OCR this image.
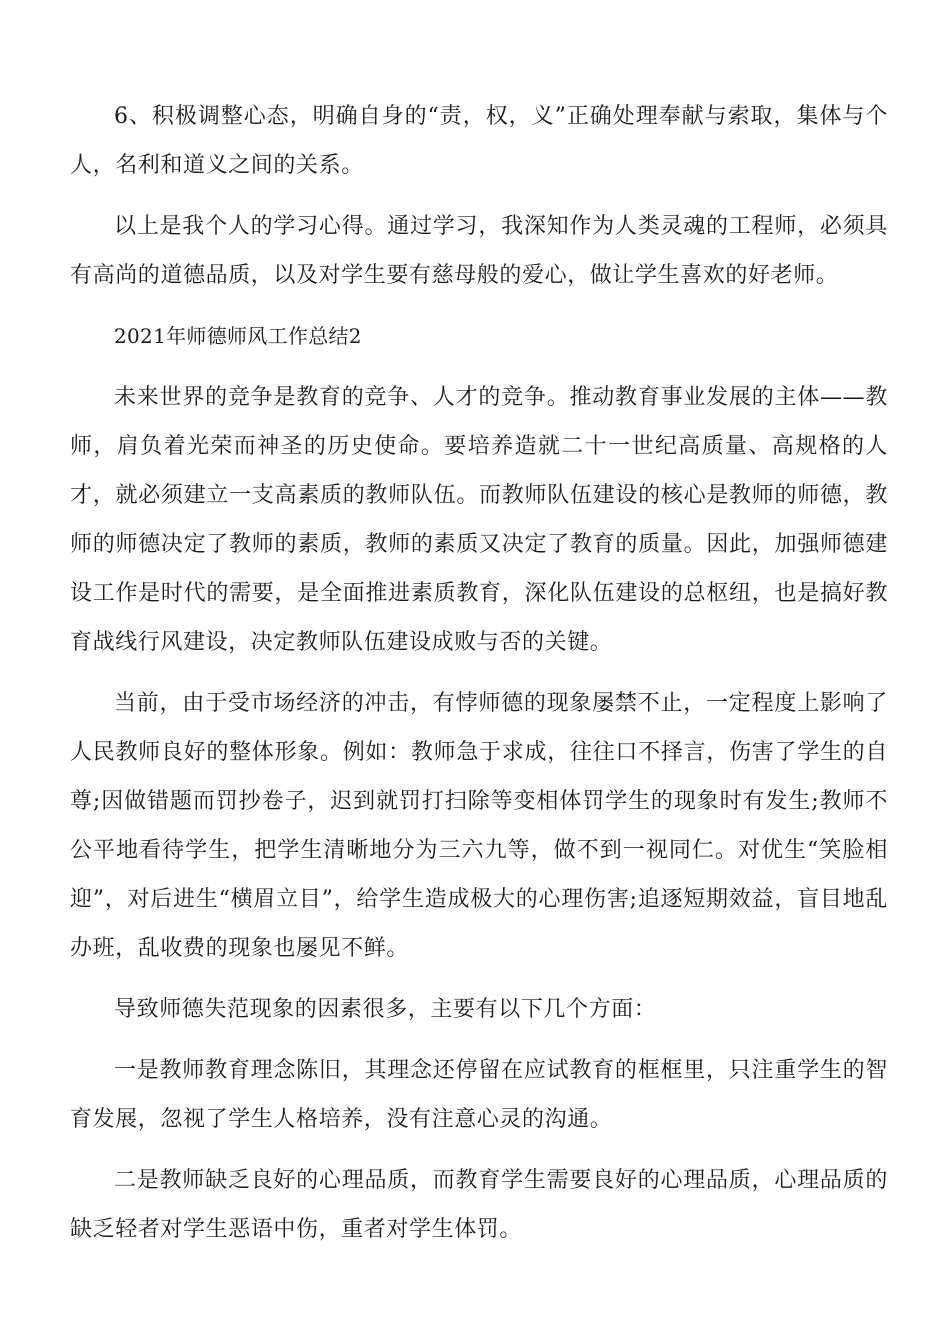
6、积极调整心态，明确自身的“责，权，义”正确处理奉献与索取，集体与个人，名利和道义之间的关系。

以上是我个人的学习心得。通过学习，我深知作为人类灵魂的工程师，必须具有高尚的道德品质，以及对学生要有慈母般的爱心，做让学生喜欢的好老师。

2021年师德师风工作总结2

未来世界的竞争是教育的竞争、人才的竞争。推动教育事业发展的主体——教师，肩负着光荣而神圣的历史使命。要培养造就二十一世纪高质量、高规格的人才，就必须建立一支高素质的教师队伍。而教师队伍建设的核心是教师的师德，教师的师德决定了教师的素质，教师的素质又决定了教育的质量。因此，加强师德建设工作是时代的需要，是全面推进素质教育，深化队伍建设的总枢纽，也是搞好教育战线行风建设，决定教师队伍建设成败与否的关键。

当前，由于受市场经济的冲击，有悖师德的现象屡禁不止，一定程度上影响了人民教师良好的整体形象。例如：教师急于求成，往往口不择言，伤害了学生的自尊;因做错题而罚抄卷子，迟到就罚打扫除等变相体罚学生的现象时有发生;教师不公平地看待学生，把学生清晰地分为三六九等，做不到一视同仁。对优生“笑脸相迎”，对后进生“横眉立目”，给学生造成极大的心理伤害;追逐短期效益，盲目地乱办班，乱收费的现象也屡见不鲜。

导致师德失范现象的因素很多，主要有以下几个方面：

一是教师教育理念陈旧，其理念还停留在应试教育的框框里，只注重学生的智育发展，忽视了学生人格培养，没有注意心灵的沟通。

二是教师缺乏良好的心理品质，而教育学生需要良好的心理品质，心理品质的缺乏轻者对学生恶语中伤，重者对学生体罚。
